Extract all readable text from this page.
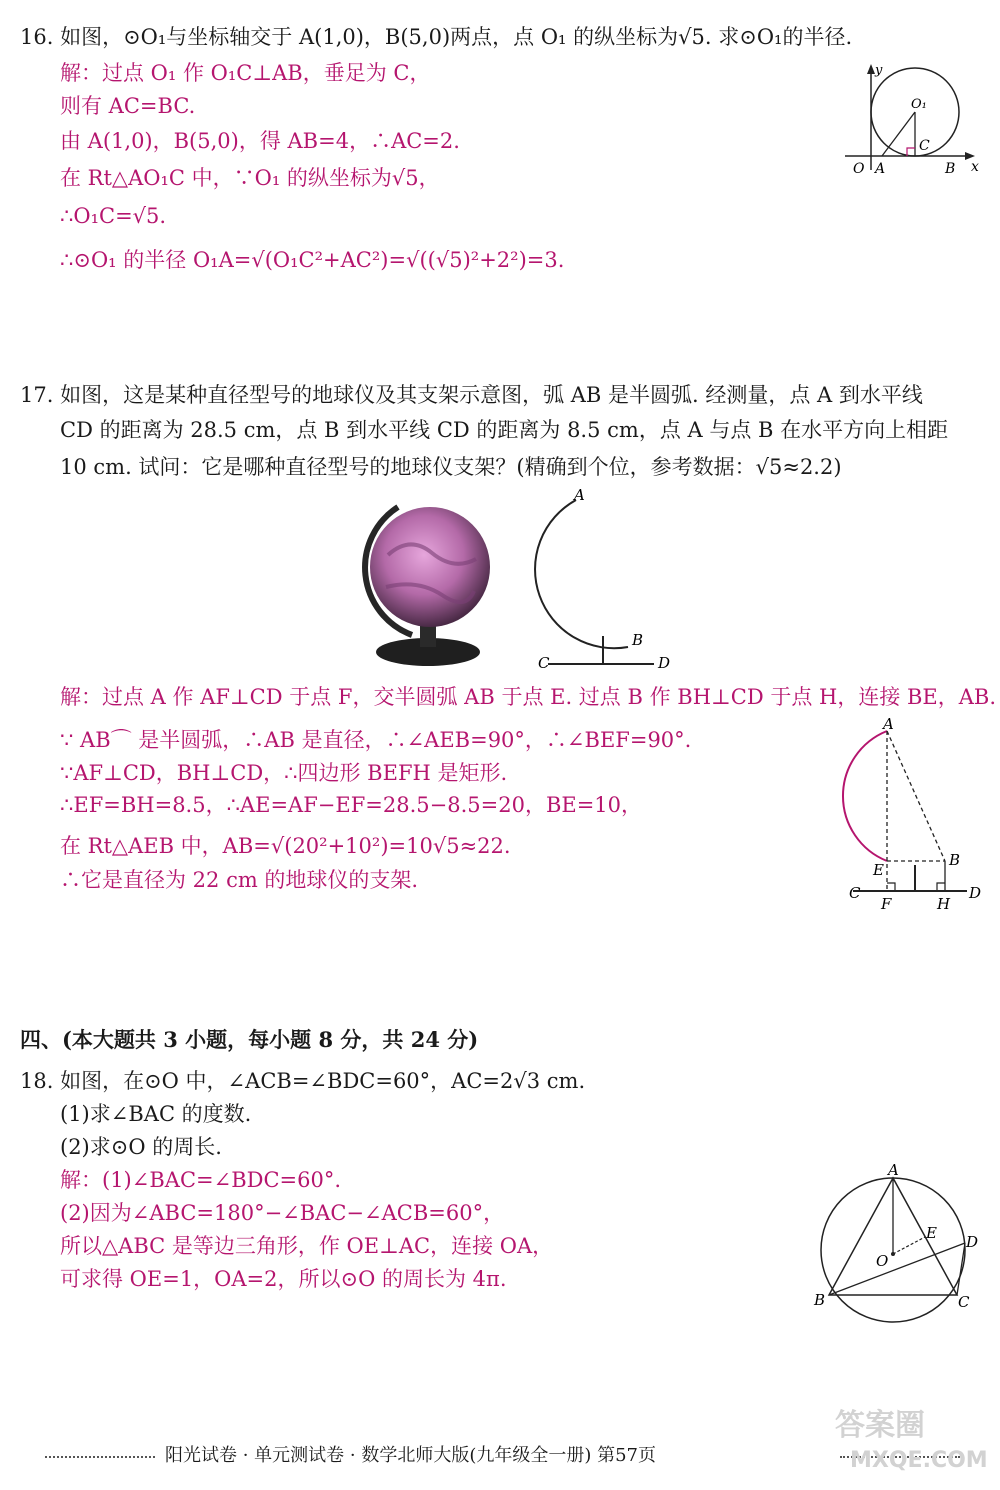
16. 如图，⊙O₁与坐标轴交于 A(1,0)，B(5,0)两点，点 O₁ 的纵坐标为√5. 求⊙O₁的半径.
解：过点 O₁ 作 O₁C⊥AB，垂足为 C，
则有 AC=BC.
由 A(1,0)，B(5,0)，得 AB=4，∴AC=2.
在 Rt△AO₁C 中，∵O₁ 的纵坐标为√5，
∴O₁C=√5.
∴⊙O₁ 的半径 O₁A=√(O₁C²+AC²)=√((√5)²+2²)=3.
y
x
O A	B
C
O₁
17. 如图，这是某种直径型号的地球仪及其支架示意图，弧 AB 是半圆弧. 经测量，点 A 到水平线
CD 的距离为 28.5 cm，点 B 到水平线 CD 的距离为 8.5 cm，点 A 与点 B 在水平方向上相距
10 cm. 试问：它是哪种直径型号的地球仪支架？(精确到个位，参考数据：√5≈2.2)
A
B
C	D
解：过点 A 作 AF⊥CD 于点 F，交半圆弧 AB 于点 E. 过点 B 作 BH⊥CD 于点 H，连接 BE，AB.
∵ AB⌒ 是半圆弧，∴AB 是直径，∴∠AEB=90°，∴∠BEF=90°.
∵AF⊥CD，BH⊥CD，∴四边形 BEFH 是矩形.
∴EF=BH=8.5，∴AE=AF−EF=28.5−8.5=20，BE=10，
在 Rt△AEB 中，AB=√(20²+10²)=10√5≈22.
∴它是直径为 22 cm 的地球仪的支架.
A
B
C	D
E
F	H
四、(本大题共 3 小题，每小题 8 分，共 24 分)
18. 如图，在⊙O 中，∠ACB=∠BDC=60°，AC=2√3 cm.
(1)求∠BAC 的度数.
(2)求⊙O 的周长.
解：(1)∠BAC=∠BDC=60°.
(2)因为∠ABC=180°−∠BAC−∠ACB=60°，
所以△ABC 是等边三角形，作 OE⊥AC，连接 OA，
可求得 OE=1，OA=2，所以⊙O 的周长为 4π.
A
B	C
D
E
O
阳光试卷 · 单元测试卷 · 数学北师大版(九年级全一册) 第57页
答案圈
MXQE.COM
